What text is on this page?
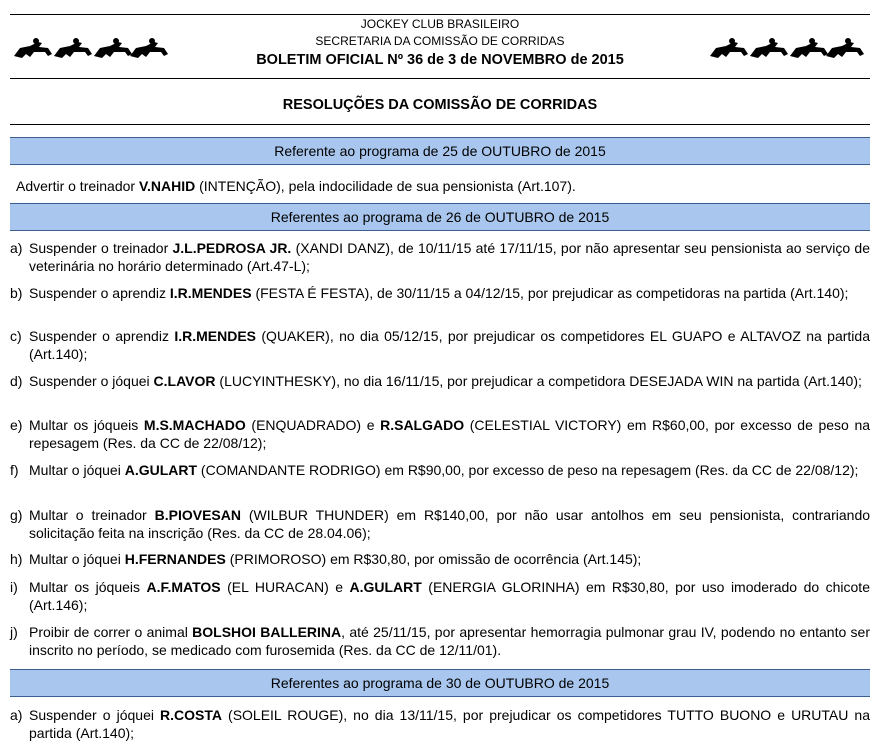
JOCKEY CLUB BRASILEIRO
SECRETARIA DA COMISSÃO DE CORRIDAS
BOLETIM OFICIAL Nº 36 de 3 de NOVEMBRO de 2015
RESOLUÇÕES DA COMISSÃO DE CORRIDAS
Referente ao programa de 25 de OUTUBRO de 2015
Advertir o treinador V.NAHID (INTENÇÃO), pela indocilidade de sua pensionista (Art.107).
Referentes ao programa de 26 de OUTUBRO de 2015
a) Suspender o treinador J.L.PEDROSA JR. (XANDI DANZ), de 10/11/15 até 17/11/15, por não apresentar seu pensionista ao serviço de veterinária no horário determinado (Art.47-L);
b) Suspender o aprendiz I.R.MENDES (FESTA É FESTA), de 30/11/15 a 04/12/15, por prejudicar as competidoras na partida (Art.140);
c) Suspender o aprendiz I.R.MENDES (QUAKER), no dia 05/12/15, por prejudicar os competidores EL GUAPO e ALTAVOZ na partida (Art.140);
d) Suspender o jóquei C.LAVOR (LUCYINTHESKY), no dia 16/11/15, por prejudicar a competidora DESEJADA WIN na partida (Art.140);
e) Multar os jóqueis M.S.MACHADO (ENQUADRADO) e R.SALGADO (CELESTIAL VICTORY) em R$60,00, por excesso de peso na repesagem (Res. da CC de 22/08/12);
f) Multar o jóquei A.GULART (COMANDANTE RODRIGO) em R$90,00, por excesso de peso na repesagem (Res. da CC de 22/08/12);
g) Multar o treinador B.PIOVESAN (WILBUR THUNDER) em R$140,00, por não usar antolhos em seu pensionista, contrariando solicitação feita na inscrição (Res. da CC de 28.04.06);
h) Multar o jóquei H.FERNANDES (PRIMOROSO) em R$30,80, por omissão de ocorrência (Art.145);
i) Multar os jóqueis A.F.MATOS (EL HURACAN) e A.GULART (ENERGIA GLORINHA) em R$30,80, por uso imoderado do chicote (Art.146);
j) Proibir de correr o animal BOLSHOI BALLERINA, até 25/11/15, por apresentar hemorragia pulmonar grau IV, podendo no entanto ser inscrito no período, se medicado com furosemida (Res. da CC de 12/11/01).
Referentes ao programa de 30 de OUTUBRO de 2015
a) Suspender o jóquei R.COSTA (SOLEIL ROUGE), no dia 13/11/15, por prejudicar os competidores TUTTO BUONO e URUTAU na partida (Art.140);
